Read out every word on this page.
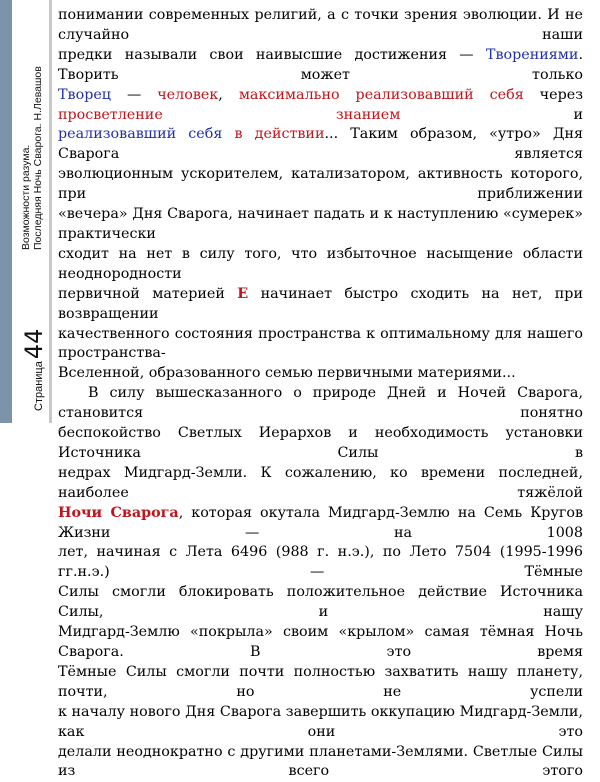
Возможности разума. Последняя Ночь Сварога. Н.Левашов
Страница
44

понимании современных религий, а с точки зрения эволюции. И не случайно наши

предки называли свои наивысшие достижения — Творениями. Творить может только

Творец — человек, максимально реализовавший себя через просветление знанием и

реализовавший себя в действии... Таким образом, «утро» Дня Сварога является

эволюционным ускорителем, катализатором, активность которого, при приближении

«вечера» Дня Сварога, начинает падать и к наступлению «сумерек» практически

сходит на нет в силу того, что избыточное насыщение области неоднородности

первичной материей Е начинает быстро сходить на нет, при возвращении

качественного состояния пространства к оптимальному для нашего пространства-

Вселенной, образованного семью первичными материями...

В силу вышесказанного о природе Дней и Ночей Сварога, становится понятно

беспокойство Светлых Иерархов и необходимость установки Источника Силы в

недрах Мидгард-Земли. К сожалению, ко времени последней, наиболее тяжёлой

Ночи Сварога, которая окутала Мидгард-Землю на Семь Кругов Жизни — на 1008

лет, начиная с Лета 6496 (988 г. н.э.), по Лето 7504 (1995-1996 гг.н.э.) — Тёмные

Силы смогли блокировать положительное действие Источника Силы, и нашу

Мидгард-Землю «покрыла» своим «крылом» самая тёмная Ночь Сварога. В это время

Тёмные Силы смогли почти полностью захватить нашу планету, почти, но не успели

к началу нового Дня Сварога завершить оккупацию Мидгард-Земли, как они это

делали неоднократно с другими планетами-Землями. Светлые Силы из всего этого
